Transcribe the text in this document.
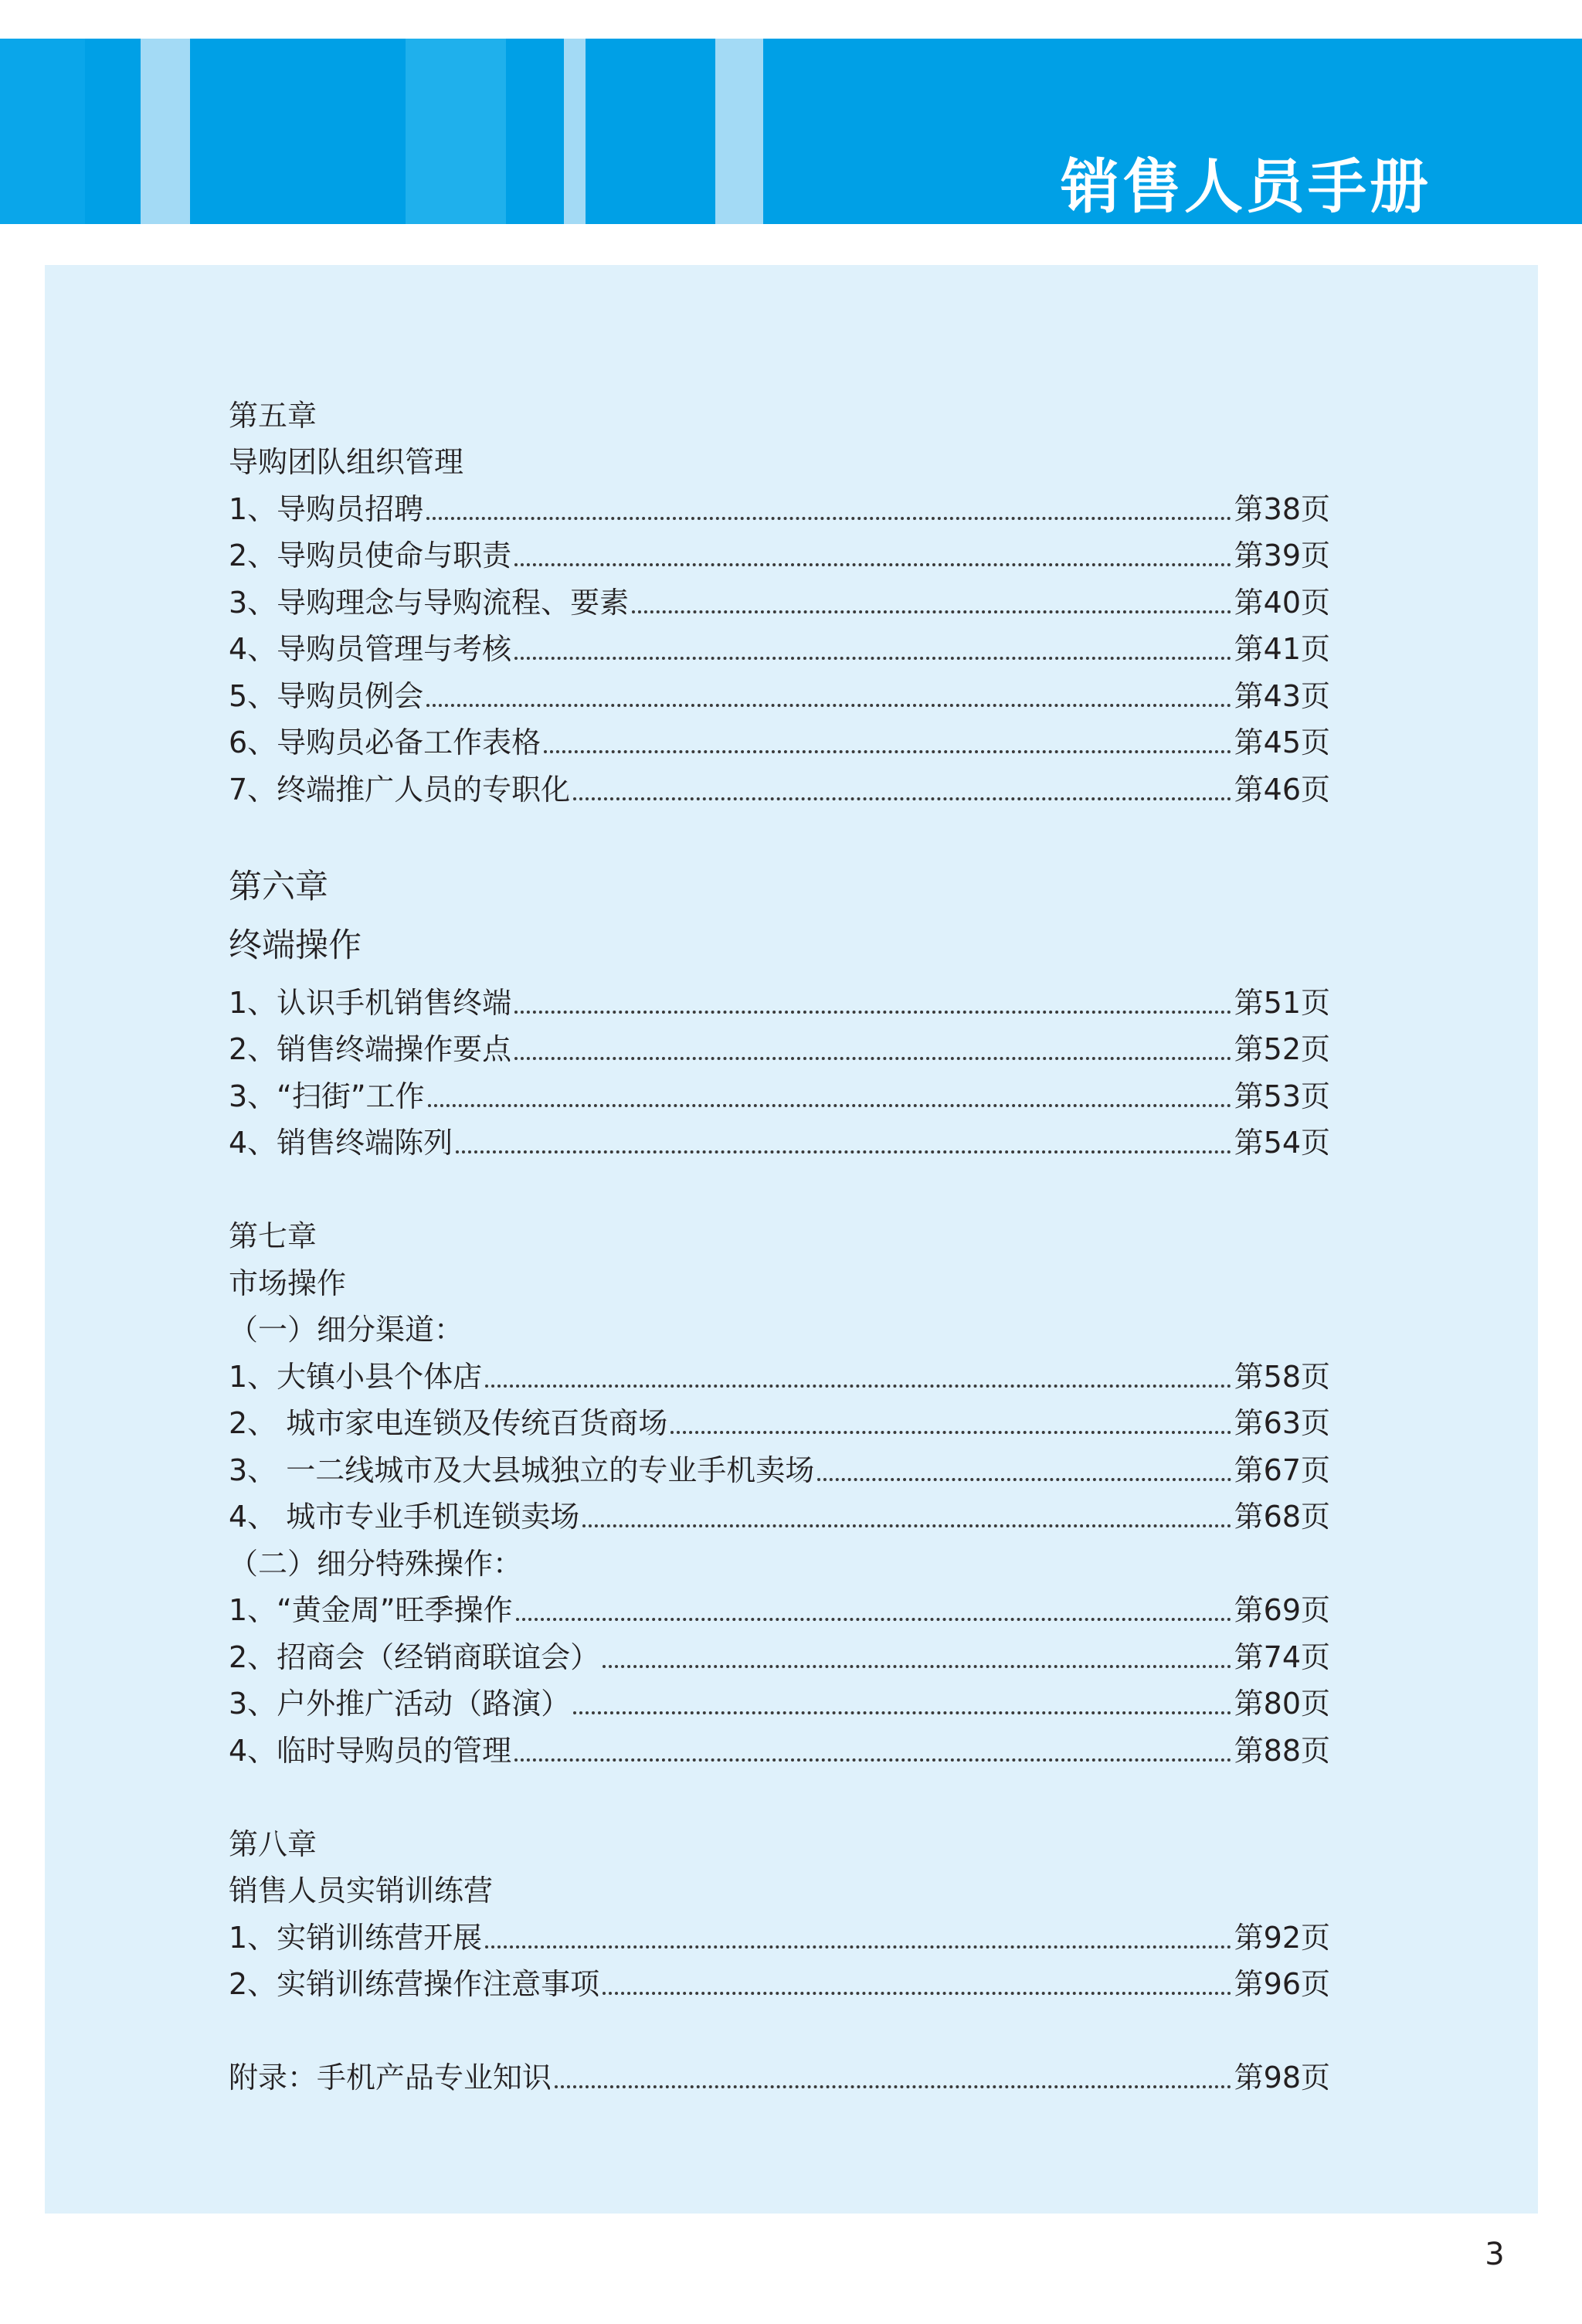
销售人员手册
第五章
导购团队组织管理
1、导购员招聘	第38页
2、导购员使命与职责	第39页
3、导购理念与导购流程、要素	第40页
4、导购员管理与考核	第41页
5、导购员例会	第43页
6、导购员必备工作表格	第45页
7、终端推广人员的专职化	第46页
第六章
终端操作
1、认识手机销售终端	第51页
2、销售终端操作要点	第52页
3、“扫街”工作	第53页
4、销售终端陈列	第54页
第七章
市场操作
（一）细分渠道：
1、大镇小县个体店	第58页
2、 城市家电连锁及传统百货商场	第63页
3、 一二线城市及大县城独立的专业手机卖场	第67页
4、 城市专业手机连锁卖场	第68页
（二）细分特殊操作：
1、“黄金周”旺季操作	第69页
2、招商会（经销商联谊会）	第74页
3、户外推广活动（路演）	第80页
4、临时导购员的管理	第88页
第八章
销售人员实销训练营
1、实销训练营开展	第92页
2、实销训练营操作注意事项	第96页
附录：手机产品专业知识	第98页
3
